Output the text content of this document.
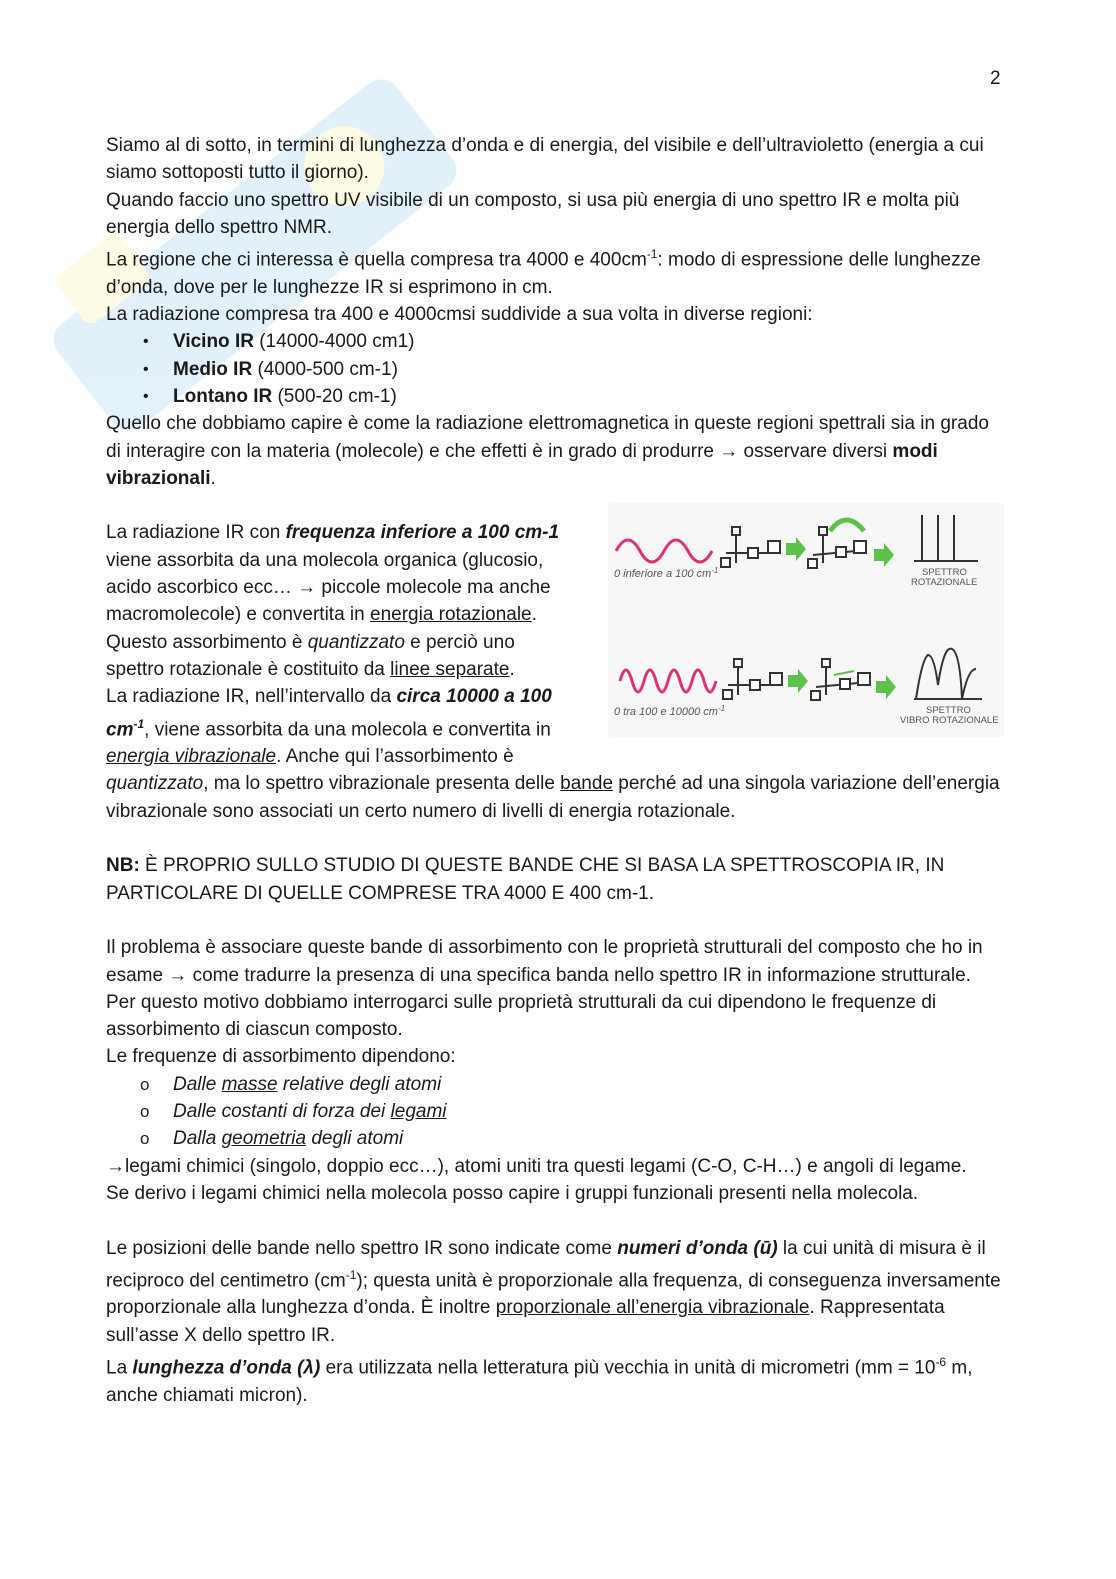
2

Siamo al di sotto, in termini di lunghezza d’onda e di energia, del visibile e dell’ultravioletto (energia a cui siamo sottoposti tutto il giorno).

Quando faccio uno spettro UV visibile di un composto, si usa più energia di uno spettro IR e molta più energia dello spettro NMR.

La regione che ci interessa è quella compresa tra 4000 e $400cm^{-1}$: modo di espressione delle lunghezze d’onda, dove per le lunghezze IR si esprimono in cm.

La radiazione compresa tra 400 e 4000cmsi suddivide a sua volta in diverse regioni:

• Vicino IR (14000-4000 cm1)
• Medio IR (4000-500 cm-1)
• Lontano IR (500-20 cm-1)

Quello che dobbiamo capire è come la radiazione elettromagnetica in queste regioni spettrali sia in grado di interagire con la materia (molecole) e che effetti è in grado di produrre → osservare diversi modi vibrazionali.

La radiazione IR con frequenza inferiore a 100 cm-1 viene assorbita da una molecola organica (glucosio, acido ascorbico ecc… → piccole molecole ma anche macromolecole) e convertita in energia rotazionale. Questo assorbimento è quantizzato e perciò uno spettro rotazionale è costituito da linee separate.

La radiazione IR, nell’intervallo da circa 10000 a 100 $cm^{-1}$, viene assorbita da una molecola e convertita in energia vibrazionale. Anche qui l’assorbimento è

0 inferiore a 100 $cm^{-1}$	SPETTRO
ROTAZIONALE
0 tra 100 e 10000 $cm^{-1}$	SPETTRO
VIBRO ROTAZIONALE

quantizzato, ma lo spettro vibrazionale presenta delle bande perché ad una singola variazione dell’energia vibrazionale sono associati un certo numero di livelli di energia rotazionale.

NB: È PROPRIO SULLO STUDIO DI QUESTE BANDE CHE SI BASA LA SPETTROSCOPIA IR, IN PARTICOLARE DI QUELLE COMPRESE TRA 4000 E 400 cm-1.

Il problema è associare queste bande di assorbimento con le proprietà strutturali del composto che ho in esame → come tradurre la presenza di una specifica banda nello spettro IR in informazione strutturale.

Per questo motivo dobbiamo interrogarci sulle proprietà strutturali da cui dipendono le frequenze di assorbimento di ciascun composto.

Le frequenze di assorbimento dipendono:

o Dalle masse relative degli atomi
o Dalle costanti di forza dei legami
o Dalla geometria degli atomi

→legami chimici (singolo, doppio ecc…), atomi uniti tra questi legami (C-O, C-H…) e angoli di legame.

Se derivo i legami chimici nella molecola posso capire i gruppi funzionali presenti nella molecola.

Le posizioni delle bande nello spettro IR sono indicate come numeri d’onda (ū) la cui unità di misura è il reciproco del centimetro $(cm^{-1})$; questa unità è proporzionale alla frequenza, di conseguenza inversamente proporzionale alla lunghezza d’onda. È inoltre proporzionale all’energia vibrazionale. Rappresentata sull’asse X dello spettro IR.

La lunghezza d’onda (λ) era utilizzata nella letteratura più vecchia in unità di micrometri ($mm = 10^{-6}$ m, anche chiamati micron).
